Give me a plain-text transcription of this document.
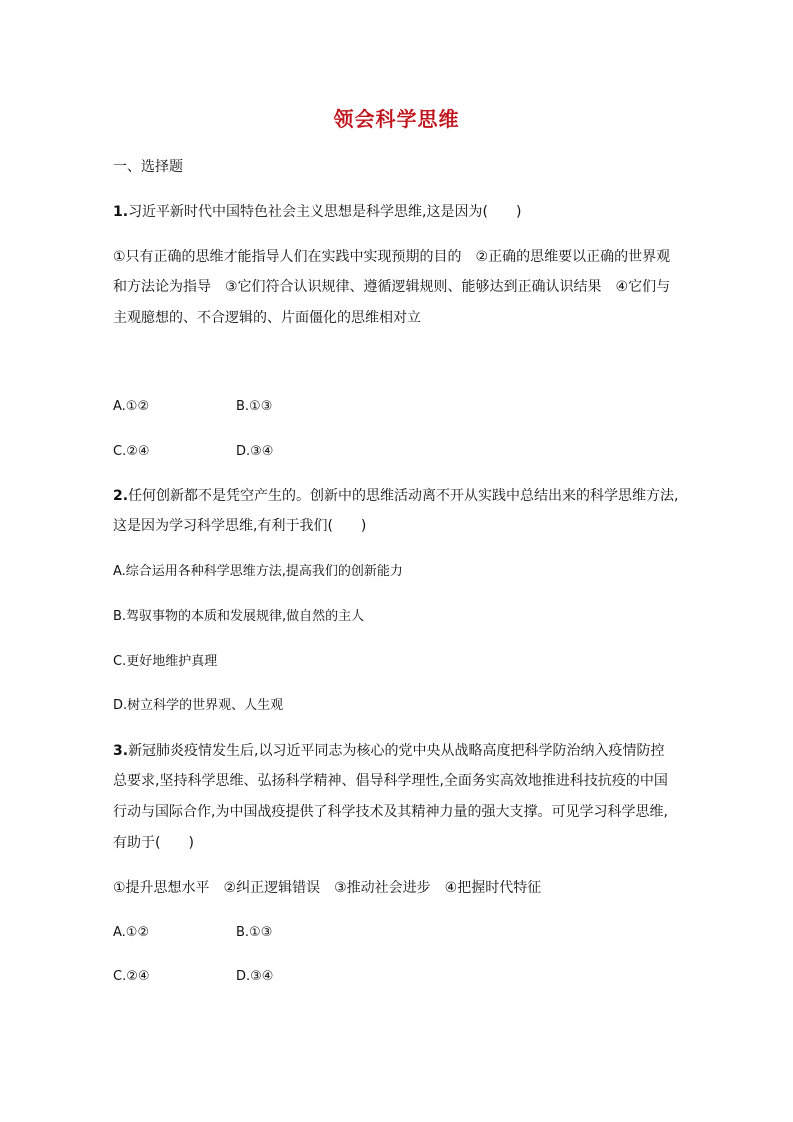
领会科学思维
一、选择题
1.习近平新时代中国特色社会主义思想是科学思维,这是因为(　　)
①只有正确的思维才能指导人们在实践中实现预期的目的　②正确的思维要以正确的世界观
和方法论为指导　③它们符合认识规律、遵循逻辑规则、能够达到正确认识结果　④它们与
主观臆想的、不合逻辑的、片面僵化的思维相对立
A.①②	B.①③
C.②④	D.③④
2.任何创新都不是凭空产生的。创新中的思维活动离不开从实践中总结出来的科学思维方法,
这是因为学习科学思维,有利于我们(　　)
A.综合运用各种科学思维方法,提高我们的创新能力
B.驾驭事物的本质和发展规律,做自然的主人
C.更好地维护真理
D.树立科学的世界观、人生观
3.新冠肺炎疫情发生后,以习近平同志为核心的党中央从战略高度把科学防治纳入疫情防控
总要求,坚持科学思维、弘扬科学精神、倡导科学理性,全面务实高效地推进科技抗疫的中国
行动与国际合作,为中国战疫提供了科学技术及其精神力量的强大支撑。可见学习科学思维,
有助于(　　)
①提升思想水平　②纠正逻辑错误　③推动社会进步　④把握时代特征
A.①②	B.①③
C.②④	D.③④
